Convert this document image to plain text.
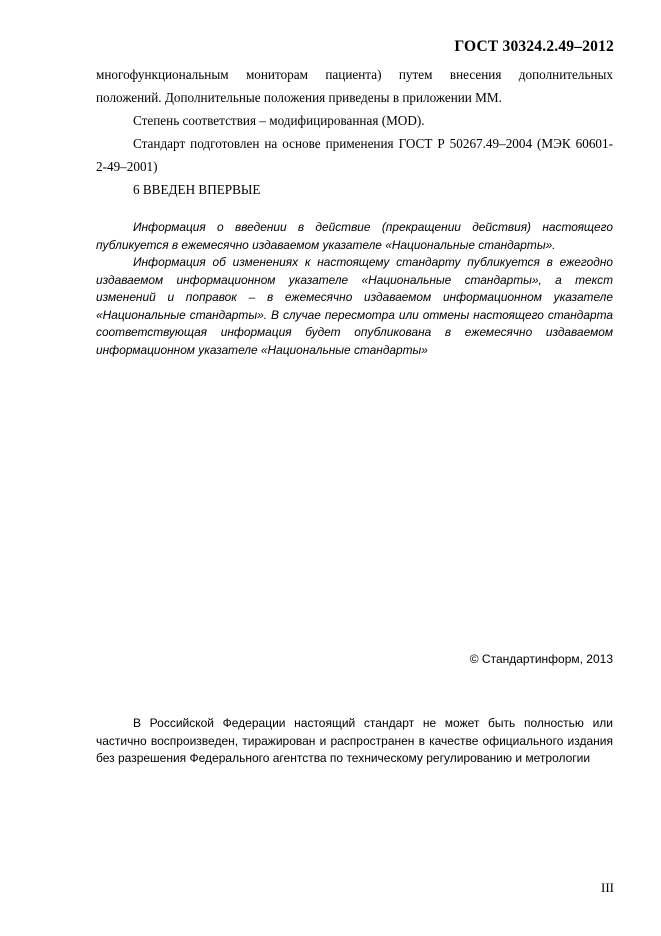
ГОСТ 30324.2.49–2012

многофункциональным мониторам пациента) путем внесения дополнительных

положений. Дополнительные положения приведены в приложении ММ.

Степень соответствия – модифицированная (MOD).

Стандарт подготовлен на основе применения ГОСТ Р 50267.49–2004 (МЭК 60601-

2-49–2001)

6 ВВЕДЕН ВПЕРВЫЕ

Информация о введении в действие (прекращении действия) настоящего публикуется в ежемесячно издаваемом указателе «Национальные стандарты».

Информация об изменениях к настоящему стандарту публикуется в ежегодно издаваемом информационном указателе «Национальные стандарты», а текст изменений и поправок – в ежемесячно издаваемом информационном указателе «Национальные стандарты». В случае пересмотра или отмены настоящего стандарта соответствующая информация будет опубликована в ежемесячно издаваемом информационном указателе «Национальные стандарты»

© Стандартинформ, 2013

В Российской Федерации настоящий стандарт не может быть полностью или частично воспроизведен, тиражирован и распространен в качестве официального издания без разрешения Федерального агентства по техническому регулированию и метрологии

III
